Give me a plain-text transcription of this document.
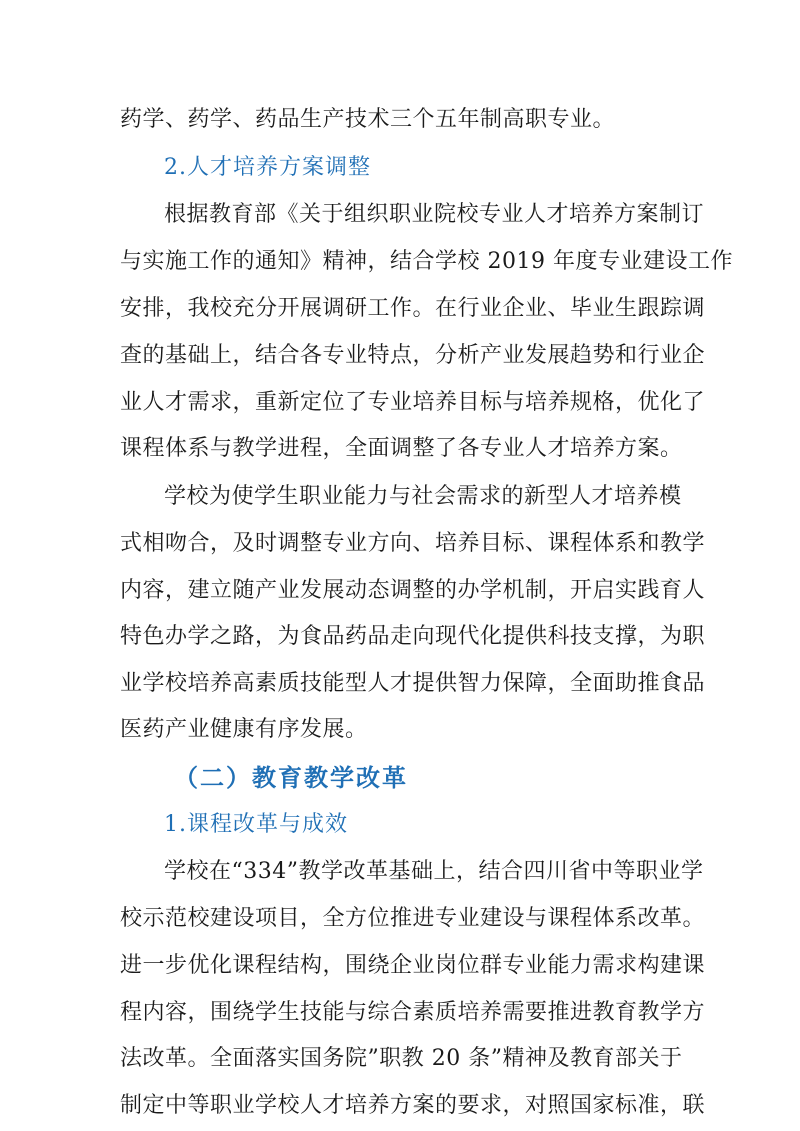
药学、药学、药品生产技术三个五年制高职专业。
2.人才培养方案调整
根据教育部《关于组织职业院校专业人才培养方案制订
与实施工作的通知》精神，结合学校 2019 年度专业建设工作
安排，我校充分开展调研工作。在行业企业、毕业生跟踪调
查的基础上，结合各专业特点，分析产业发展趋势和行业企
业人才需求，重新定位了专业培养目标与培养规格，优化了
课程体系与教学进程，全面调整了各专业人才培养方案。
学校为使学生职业能力与社会需求的新型人才培养模
式相吻合，及时调整专业方向、培养目标、课程体系和教学
内容，建立随产业发展动态调整的办学机制，开启实践育人
特色办学之路，为食品药品走向现代化提供科技支撑，为职
业学校培养高素质技能型人才提供智力保障，全面助推食品
医药产业健康有序发展。
（二）教育教学改革
1.课程改革与成效
学校在“334”教学改革基础上，结合四川省中等职业学
校示范校建设项目，全方位推进专业建设与课程体系改革。
进一步优化课程结构，围绕企业岗位群专业能力需求构建课
程内容，围绕学生技能与综合素质培养需要推进教育教学方
法改革。全面落实国务院”职教 20 条”精神及教育部关于
制定中等职业学校人才培养方案的要求，对照国家标准，联
